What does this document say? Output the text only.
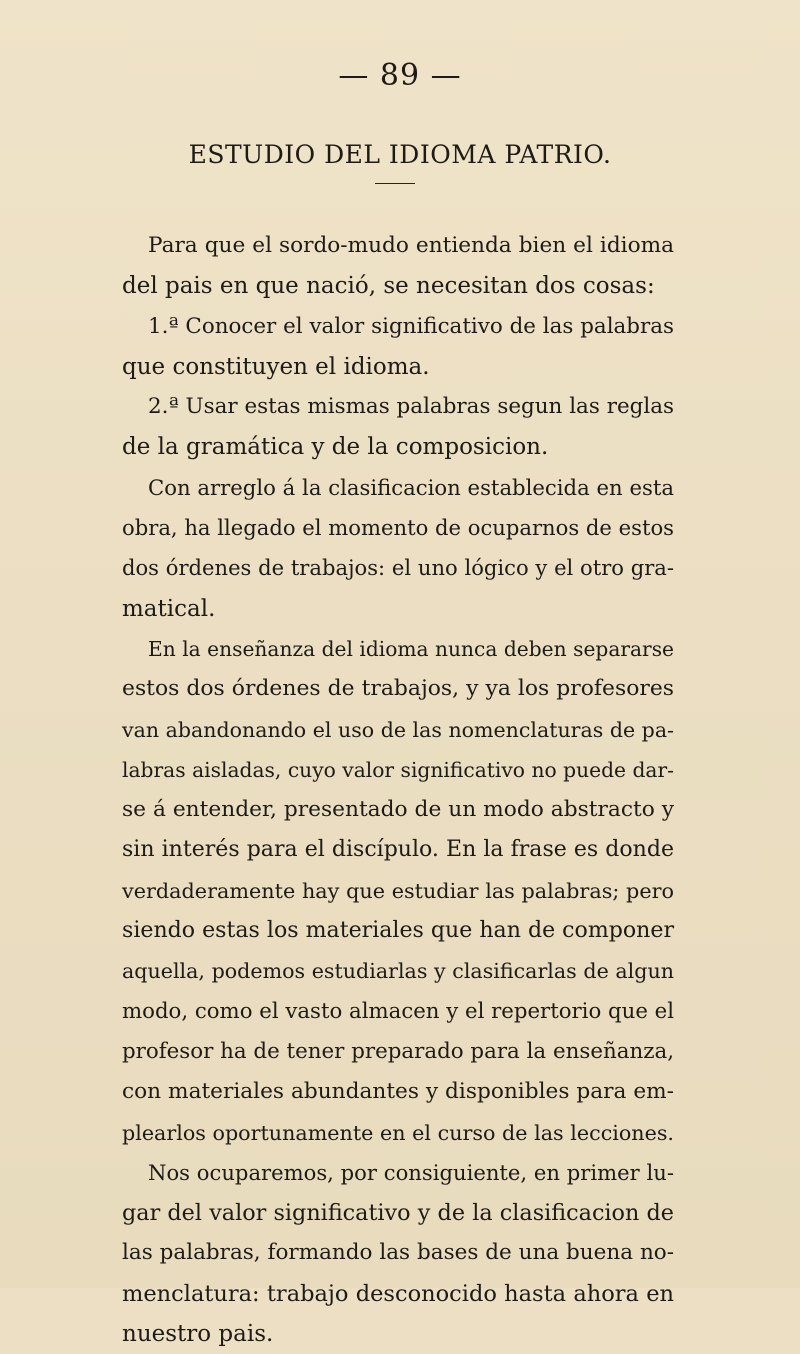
— 89 —
ESTUDIO DEL IDIOMA PATRIO.
Para que el sordo-mudo entienda bien el idioma
del pais en que nació, se necesitan dos cosas:
1.ª Conocer el valor significativo de las palabras
que constituyen el idioma.
2.ª Usar estas mismas palabras segun las reglas
de la gramática y de la composicion.
Con arreglo á la clasificacion establecida en esta
obra, ha llegado el momento de ocuparnos de estos
dos órdenes de trabajos: el uno lógico y el otro gra-
matical.
En la enseñanza del idioma nunca deben separarse
estos dos órdenes de trabajos, y ya los profesores
van abandonando el uso de las nomenclaturas de pa-
labras aisladas, cuyo valor significativo no puede dar-
se á entender, presentado de un modo abstracto y
sin interés para el discípulo. En la frase es donde
verdaderamente hay que estudiar las palabras; pero
siendo estas los materiales que han de componer
aquella, podemos estudiarlas y clasificarlas de algun
modo, como el vasto almacen y el repertorio que el
profesor ha de tener preparado para la enseñanza,
con materiales abundantes y disponibles para em-
plearlos oportunamente en el curso de las lecciones.
Nos ocuparemos, por consiguiente, en primer lu-
gar del valor significativo y de la clasificacion de
las palabras, formando las bases de una buena no-
menclatura: trabajo desconocido hasta ahora en
nuestro pais.
